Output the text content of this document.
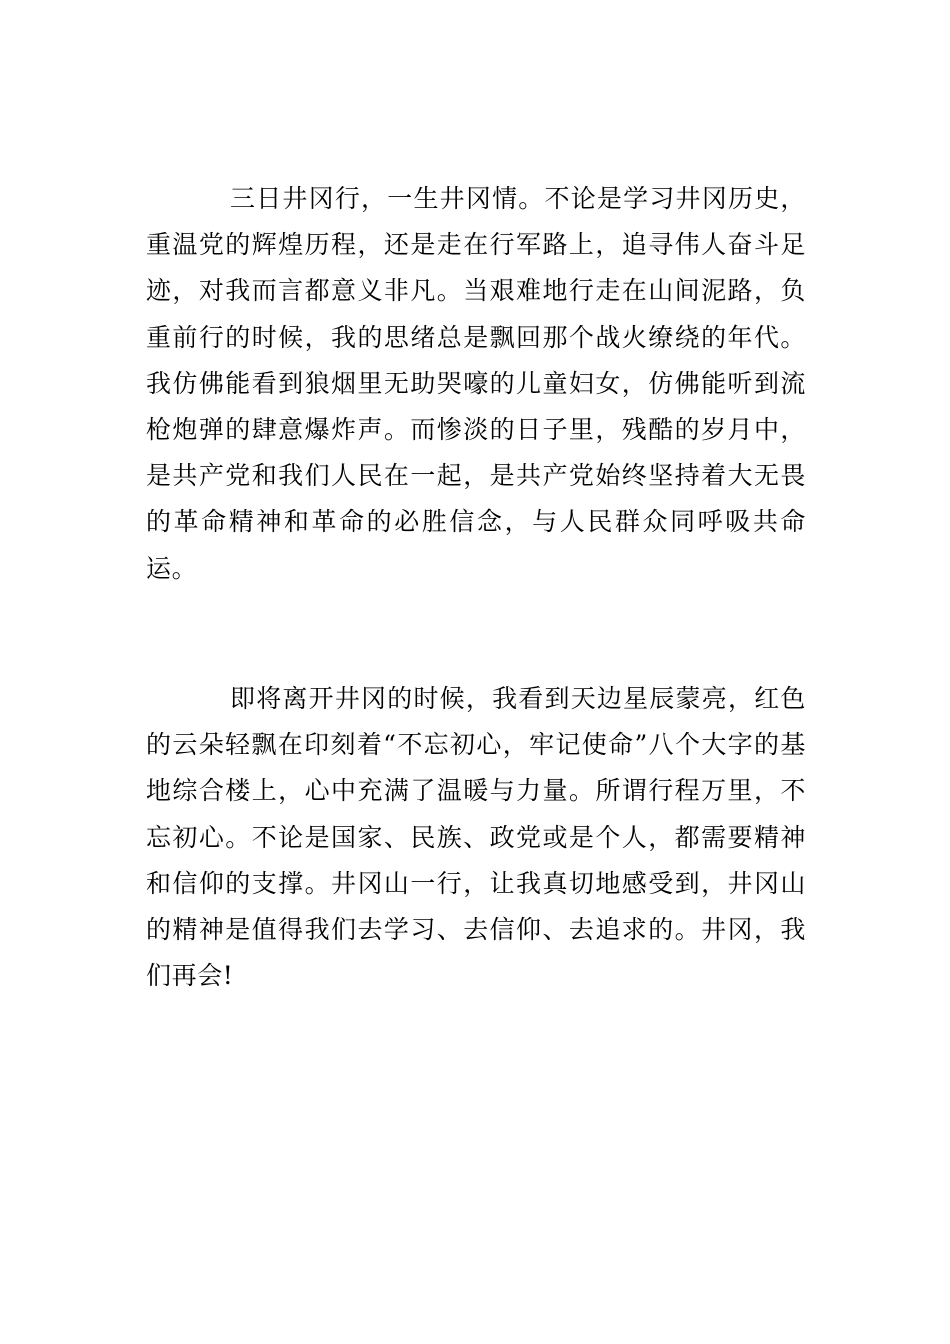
三日井冈行，一生井冈情。不论是学习井冈历史，重温党的辉煌历程，还是走在行军路上，追寻伟人奋斗足迹，对我而言都意义非凡。当艰难地行走在山间泥路，负重前行的时候，我的思绪总是飘回那个战火缭绕的年代。我仿佛能看到狼烟里无助哭嚎的儿童妇女，仿佛能听到流枪炮弹的肆意爆炸声。而惨淡的日子里，残酷的岁月中，是共产党和我们人民在一起，是共产党始终坚持着大无畏的革命精神和革命的必胜信念，与人民群众同呼吸共命运。

即将离开井冈的时候，我看到天边星辰蒙亮，红色的云朵轻飘在印刻着“不忘初心，牢记使命”八个大字的基地综合楼上，心中充满了温暖与力量。所谓行程万里，不忘初心。不论是国家、民族、政党或是个人，都需要精神和信仰的支撑。井冈山一行，让我真切地感受到，井冈山的精神是值得我们去学习、去信仰、去追求的。井冈，我们再会!
